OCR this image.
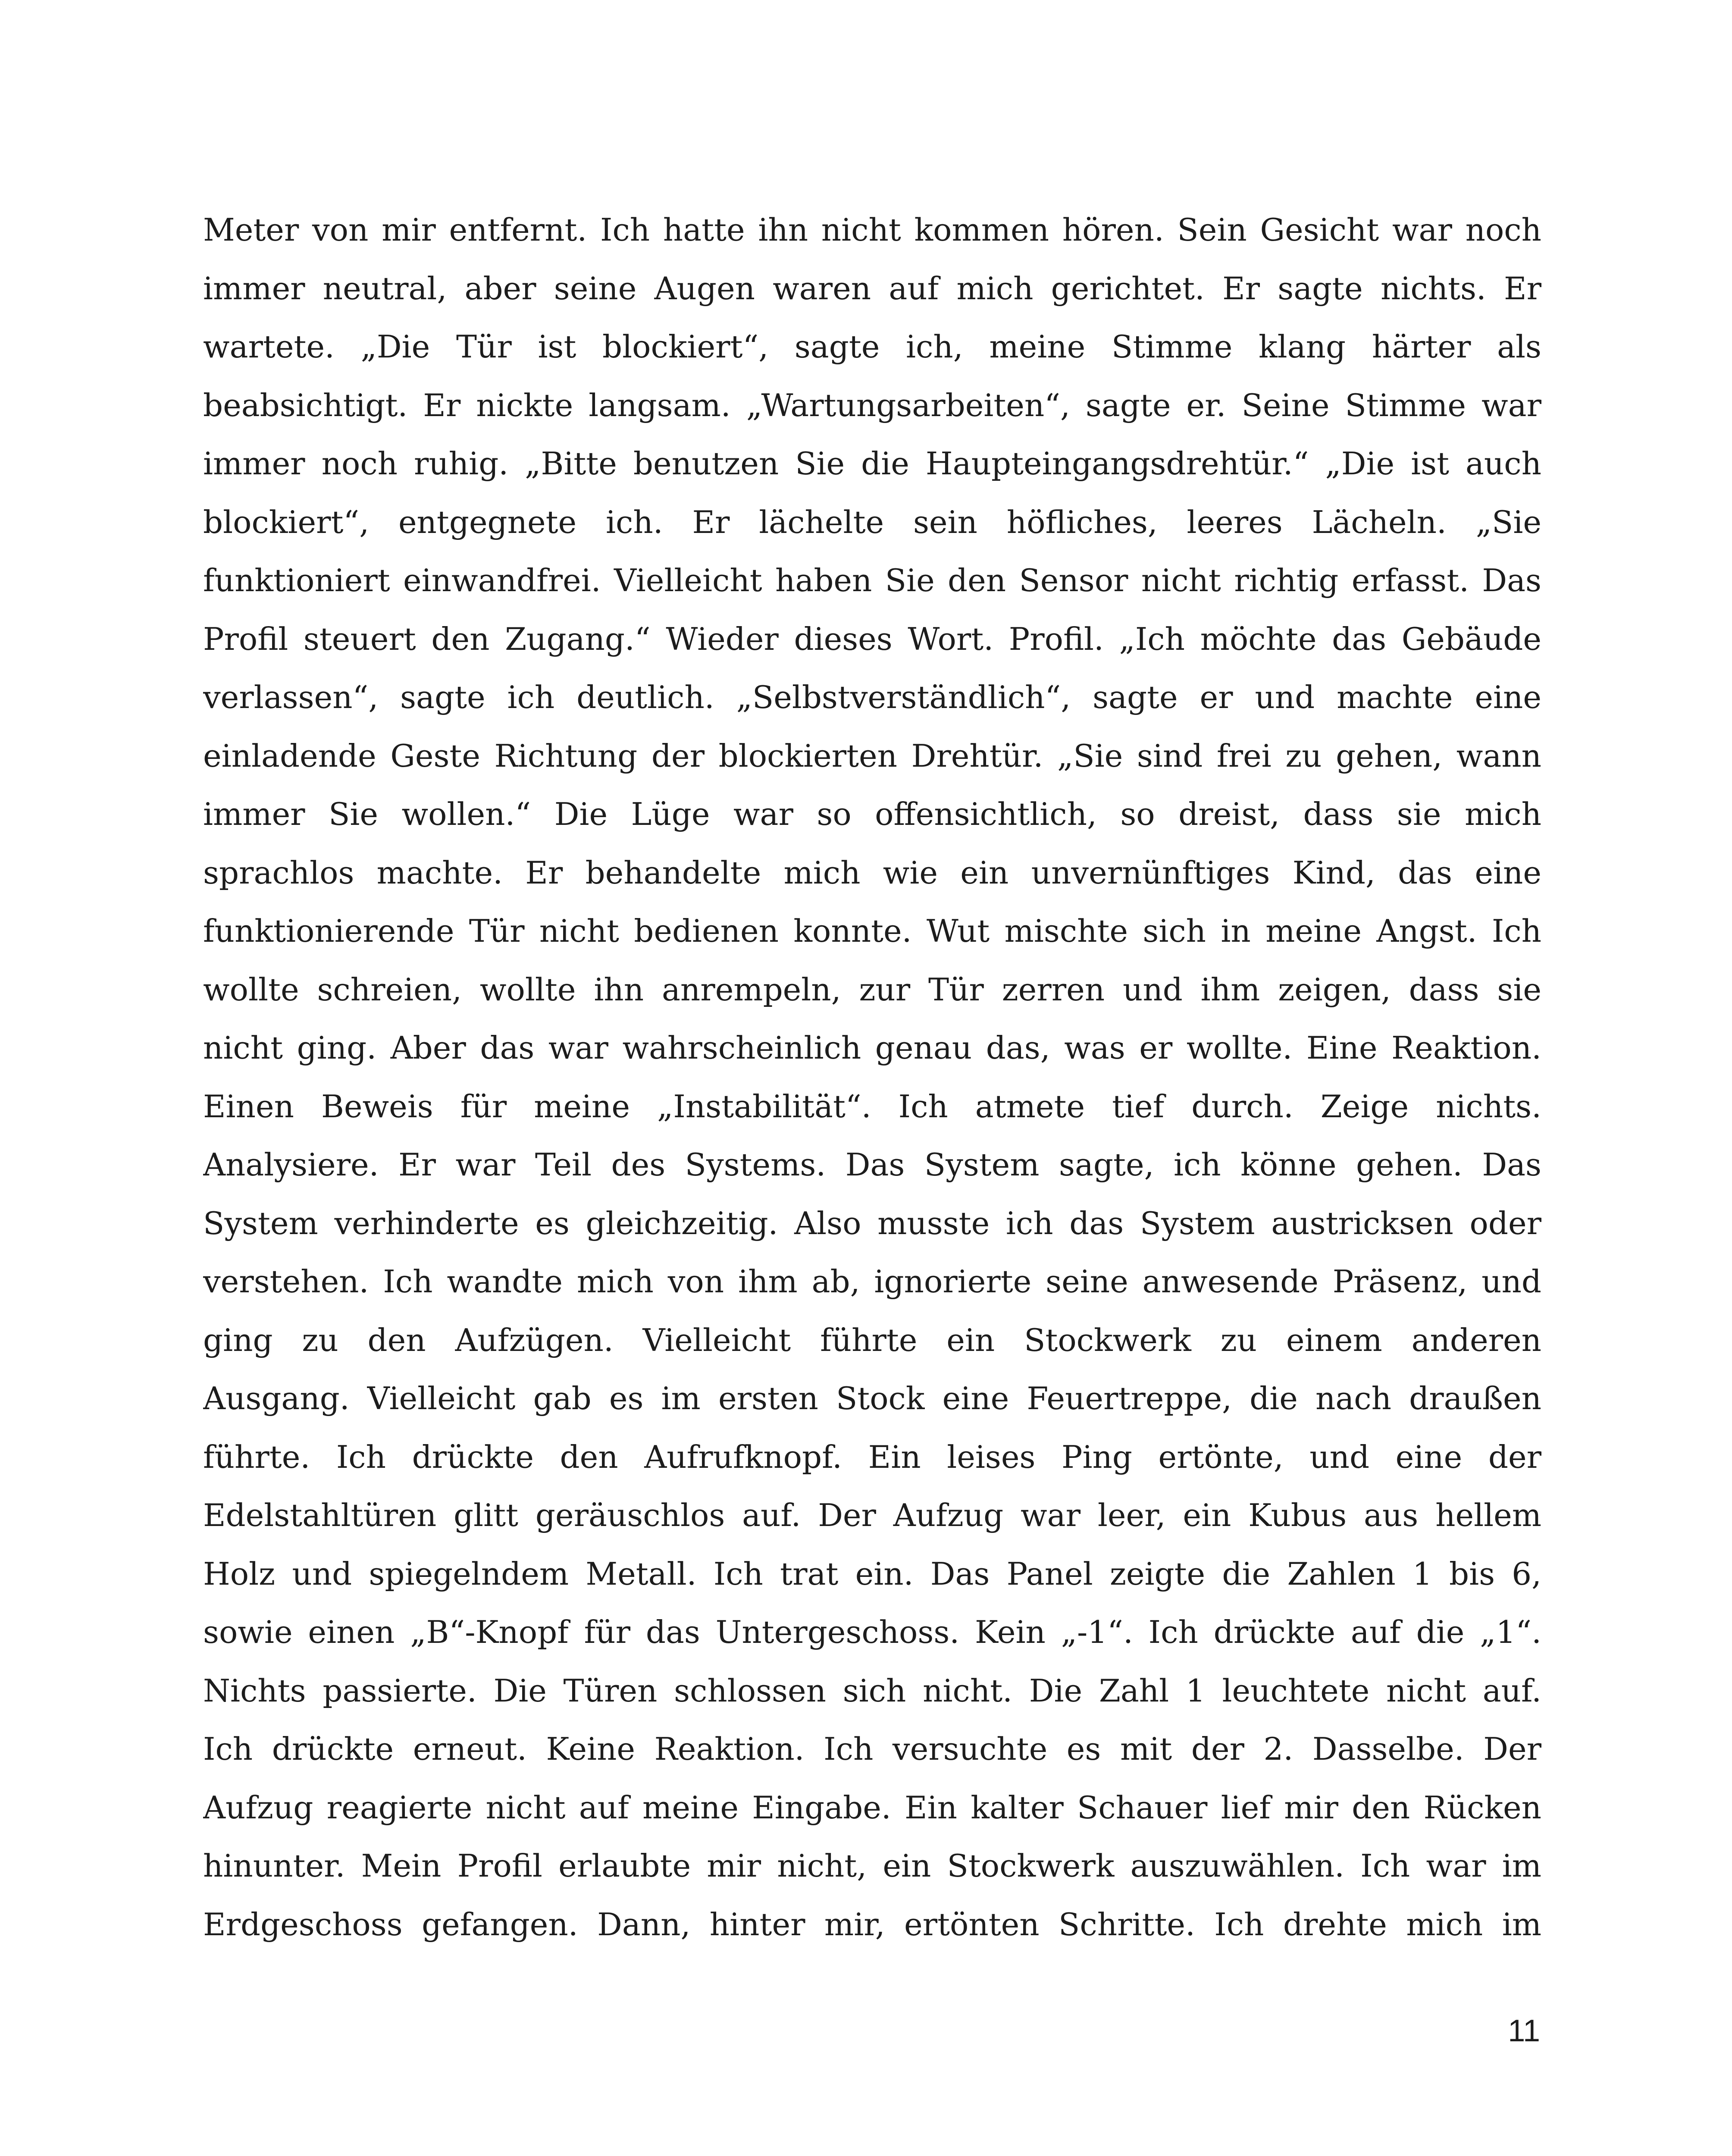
Meter von mir entfernt. Ich hatte ihn nicht kommen hören. Sein Gesicht war noch
immer neutral, aber seine Augen waren auf mich gerichtet. Er sagte nichts. Er
wartete. „Die Tür ist blockiert“, sagte ich, meine Stimme klang härter als
beabsichtigt. Er nickte langsam. „Wartungsarbeiten“, sagte er. Seine Stimme war
immer noch ruhig. „Bitte benutzen Sie die Haupteingangsdrehtür.“ „Die ist auch
blockiert“, entgegnete ich. Er lächelte sein höfliches, leeres Lächeln. „Sie
funktioniert einwandfrei. Vielleicht haben Sie den Sensor nicht richtig erfasst. Das
Profil steuert den Zugang.“ Wieder dieses Wort. Profil. „Ich möchte das Gebäude
verlassen“, sagte ich deutlich. „Selbstverständlich“, sagte er und machte eine
einladende Geste Richtung der blockierten Drehtür. „Sie sind frei zu gehen, wann
immer Sie wollen.“ Die Lüge war so offensichtlich, so dreist, dass sie mich
sprachlos machte. Er behandelte mich wie ein unvernünftiges Kind, das eine
funktionierende Tür nicht bedienen konnte. Wut mischte sich in meine Angst. Ich
wollte schreien, wollte ihn anrempeln, zur Tür zerren und ihm zeigen, dass sie
nicht ging. Aber das war wahrscheinlich genau das, was er wollte. Eine Reaktion.
Einen Beweis für meine „Instabilität“. Ich atmete tief durch. Zeige nichts.
Analysiere. Er war Teil des Systems. Das System sagte, ich könne gehen. Das
System verhinderte es gleichzeitig. Also musste ich das System austricksen oder
verstehen. Ich wandte mich von ihm ab, ignorierte seine anwesende Präsenz, und
ging zu den Aufzügen. Vielleicht führte ein Stockwerk zu einem anderen
Ausgang. Vielleicht gab es im ersten Stock eine Feuertreppe, die nach draußen
führte. Ich drückte den Aufrufknopf. Ein leises Ping ertönte, und eine der
Edelstahltüren glitt geräuschlos auf. Der Aufzug war leer, ein Kubus aus hellem
Holz und spiegelndem Metall. Ich trat ein. Das Panel zeigte die Zahlen 1 bis 6,
sowie einen „B“-Knopf für das Untergeschoss. Kein „-1“. Ich drückte auf die „1“.
Nichts passierte. Die Türen schlossen sich nicht. Die Zahl 1 leuchtete nicht auf.
Ich drückte erneut. Keine Reaktion. Ich versuchte es mit der 2. Dasselbe. Der
Aufzug reagierte nicht auf meine Eingabe. Ein kalter Schauer lief mir den Rücken
hinunter. Mein Profil erlaubte mir nicht, ein Stockwerk auszuwählen. Ich war im
Erdgeschoss gefangen. Dann, hinter mir, ertönten Schritte. Ich drehte mich im
11
